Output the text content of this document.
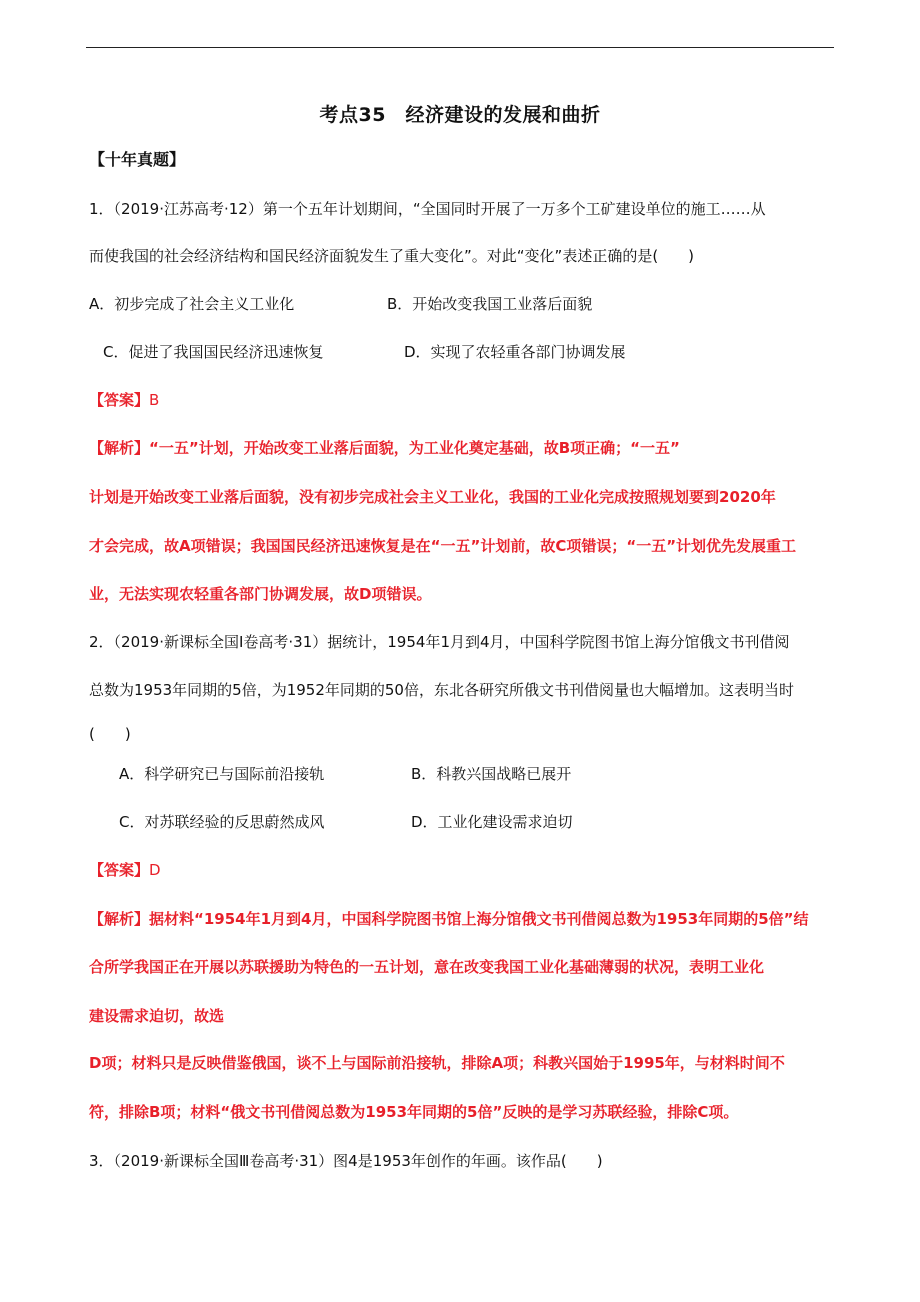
考点35　经济建设的发展和曲折
【十年真题】
1．（2019·江苏高考·12）第一个五年计划期间，“全国同时开展了一万多个工矿建设单位的施工……从
而使我国的社会经济结构和国民经济面貌发生了重大变化”。对此“变化”表述正确的是(　　)
A．初步完成了社会主义工业化	B．开始改变我国工业落后面貌
C．促进了我国国民经济迅速恢复	D．实现了农轻重各部门协调发展
【答案】B
【解析】“一五”计划，开始改变工业落后面貌，为工业化奠定基础，故B项正确；“一五”
计划是开始改变工业落后面貌，没有初步完成社会主义工业化，我国的工业化完成按照规划要到2020年
才会完成，故A项错误；我国国民经济迅速恢复是在“一五”计划前，故C项错误；“一五”计划优先发展重工
业，无法实现农轻重各部门协调发展，故D项错误。
2．（2019·新课标全国Ⅰ卷高考·31）据统计，1954年1月到4月，中国科学院图书馆上海分馆俄文书刊借阅
总数为1953年同期的5倍，为1952年同期的50倍，东北各研究所俄文书刊借阅量也大幅增加。这表明当时
(　　)
A．科学研究已与国际前沿接轨	B．科教兴国战略已展开
C．对苏联经验的反思蔚然成风	D．工业化建设需求迫切
【答案】D
【解析】据材料“1954年1月到4月，中国科学院图书馆上海分馆俄文书刊借阅总数为1953年同期的5倍”结
合所学我国正在开展以苏联援助为特色的一五计划，意在改变我国工业化基础薄弱的状况，表明工业化
建设需求迫切，故选
D项；材料只是反映借鉴俄国，谈不上与国际前沿接轨，排除A项；科教兴国始于1995年，与材料时间不
符，排除B项；材料“俄文书刊借阅总数为1953年同期的5倍”反映的是学习苏联经验，排除C项。
3．（2019·新课标全国Ⅲ卷高考·31）图4是1953年创作的年画。该作品(　　)
